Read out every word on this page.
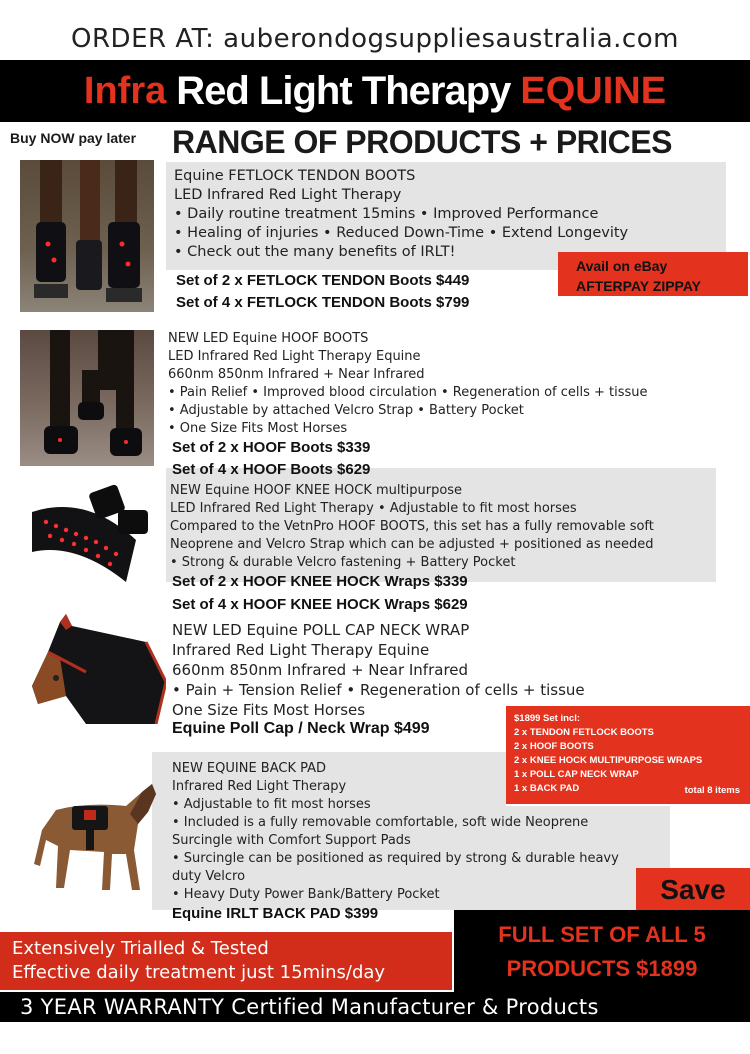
ORDER AT: auberondogsuppliesaustralia.com
Infra Red Light Therapy EQUINE
Buy NOW pay later RANGE OF PRODUCTS + PRICES
Equine FETLOCK TENDON BOOTS
LED Infrared Red Light Therapy
• Daily routine treatment 15mins • Improved Performance
• Healing of injuries • Reduced Down-Time • Extend Longevity
• Check out the many benefits of IRLT!
Set of 2 x FETLOCK TENDON Boots $449
Set of 4 x FETLOCK TENDON Boots $799
Avail on eBay
AFTERPAY ZIPPAY
NEW LED Equine HOOF BOOTS
LED Infrared Red Light Therapy Equine
660nm 850nm Infrared + Near Infrared
• Pain Relief • Improved blood circulation • Regeneration of cells + tissue
• Adjustable by attached Velcro Strap • Battery Pocket
• One Size Fits Most Horses
Set of 2 x HOOF Boots $339
Set of 4 x HOOF Boots $629
NEW Equine HOOF KNEE HOCK multipurpose
LED Infrared Red Light Therapy • Adjustable to fit most horses
Compared to the VetnPro HOOF BOOTS, this set has a fully removable soft
Neoprene and Velcro Strap which can be adjusted + positioned as needed
• Strong & durable Velcro fastening + Battery Pocket
Set of 2 x HOOF KNEE HOCK Wraps $339
Set of 4 x HOOF KNEE HOCK Wraps $629
NEW LED Equine POLL CAP NECK WRAP
Infrared Red Light Therapy Equine
660nm 850nm Infrared + Near Infrared
• Pain + Tension Relief • Regeneration of cells + tissue
One Size Fits Most Horses
Equine Poll Cap / Neck Wrap $499
$1899 Set incl:
2 x TENDON FETLOCK BOOTS
2 x HOOF BOOTS
2 x KNEE HOCK MULTIPURPOSE WRAPS
1 x POLL CAP NECK WRAP
1 x BACK PAD	total 8 items
NEW EQUINE BACK PAD
Infrared Red Light Therapy
• Adjustable to fit most horses
• Included is a fully removable comfortable, soft wide Neoprene
Surcingle with Comfort Support Pads
• Surcingle can be positioned as required by strong & durable heavy
duty Velcro
• Heavy Duty Power Bank/Battery Pocket
Equine IRLT BACK PAD $399
Save
FULL SET OF ALL 5
PRODUCTS $1899
Extensively Trialled & Tested
Effective daily treatment just 15mins/day
3 YEAR WARRANTY Certified Manufacturer & Products
